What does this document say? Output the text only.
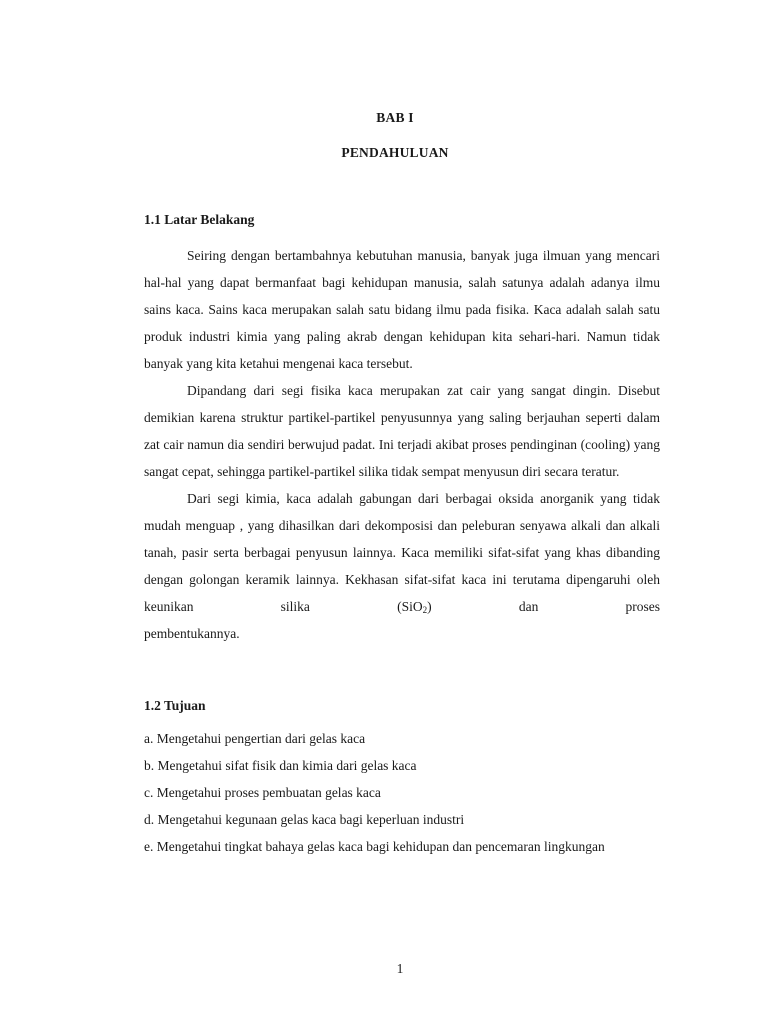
BAB I
PENDAHULUAN
1.1 Latar Belakang

Seiring dengan bertambahnya kebutuhan manusia, banyak juga ilmuan yang mencari hal-hal yang dapat bermanfaat bagi kehidupan manusia, salah satunya adalah adanya ilmu sains kaca. Sains kaca merupakan salah satu bidang ilmu pada fisika. Kaca adalah salah satu produk industri kimia yang paling akrab dengan kehidupan kita sehari-hari. Namun tidak banyak yang kita ketahui mengenai kaca tersebut.

Dipandang dari segi fisika kaca merupakan zat cair yang sangat dingin. Disebut demikian karena struktur partikel-partikel penyusunnya yang saling berjauhan seperti dalam zat cair namun dia sendiri berwujud padat. Ini terjadi akibat proses pendinginan (cooling) yang sangat cepat, sehingga partikel-partikel silika tidak sempat menyusun diri secara teratur.

Dari segi kimia, kaca adalah gabungan dari berbagai oksida anorganik yang tidak mudah menguap , yang dihasilkan dari dekomposisi dan peleburan senyawa alkali dan alkali tanah, pasir serta berbagai penyusun lainnya. Kaca memiliki sifat-sifat yang khas dibanding dengan golongan keramik lainnya. Kekhasan sifat-sifat kaca ini terutama dipengaruhi oleh keunikan silika (SiO$_2$) dan proses

pembentukannya.
1.2 Tujuan
a. Mengetahui pengertian dari gelas kaca
b. Mengetahui sifat fisik dan kimia dari gelas kaca
c. Mengetahui proses pembuatan gelas kaca
d. Mengetahui kegunaan gelas kaca bagi keperluan industri
e. Mengetahui tingkat bahaya gelas kaca bagi kehidupan dan pencemaran lingkungan
1
